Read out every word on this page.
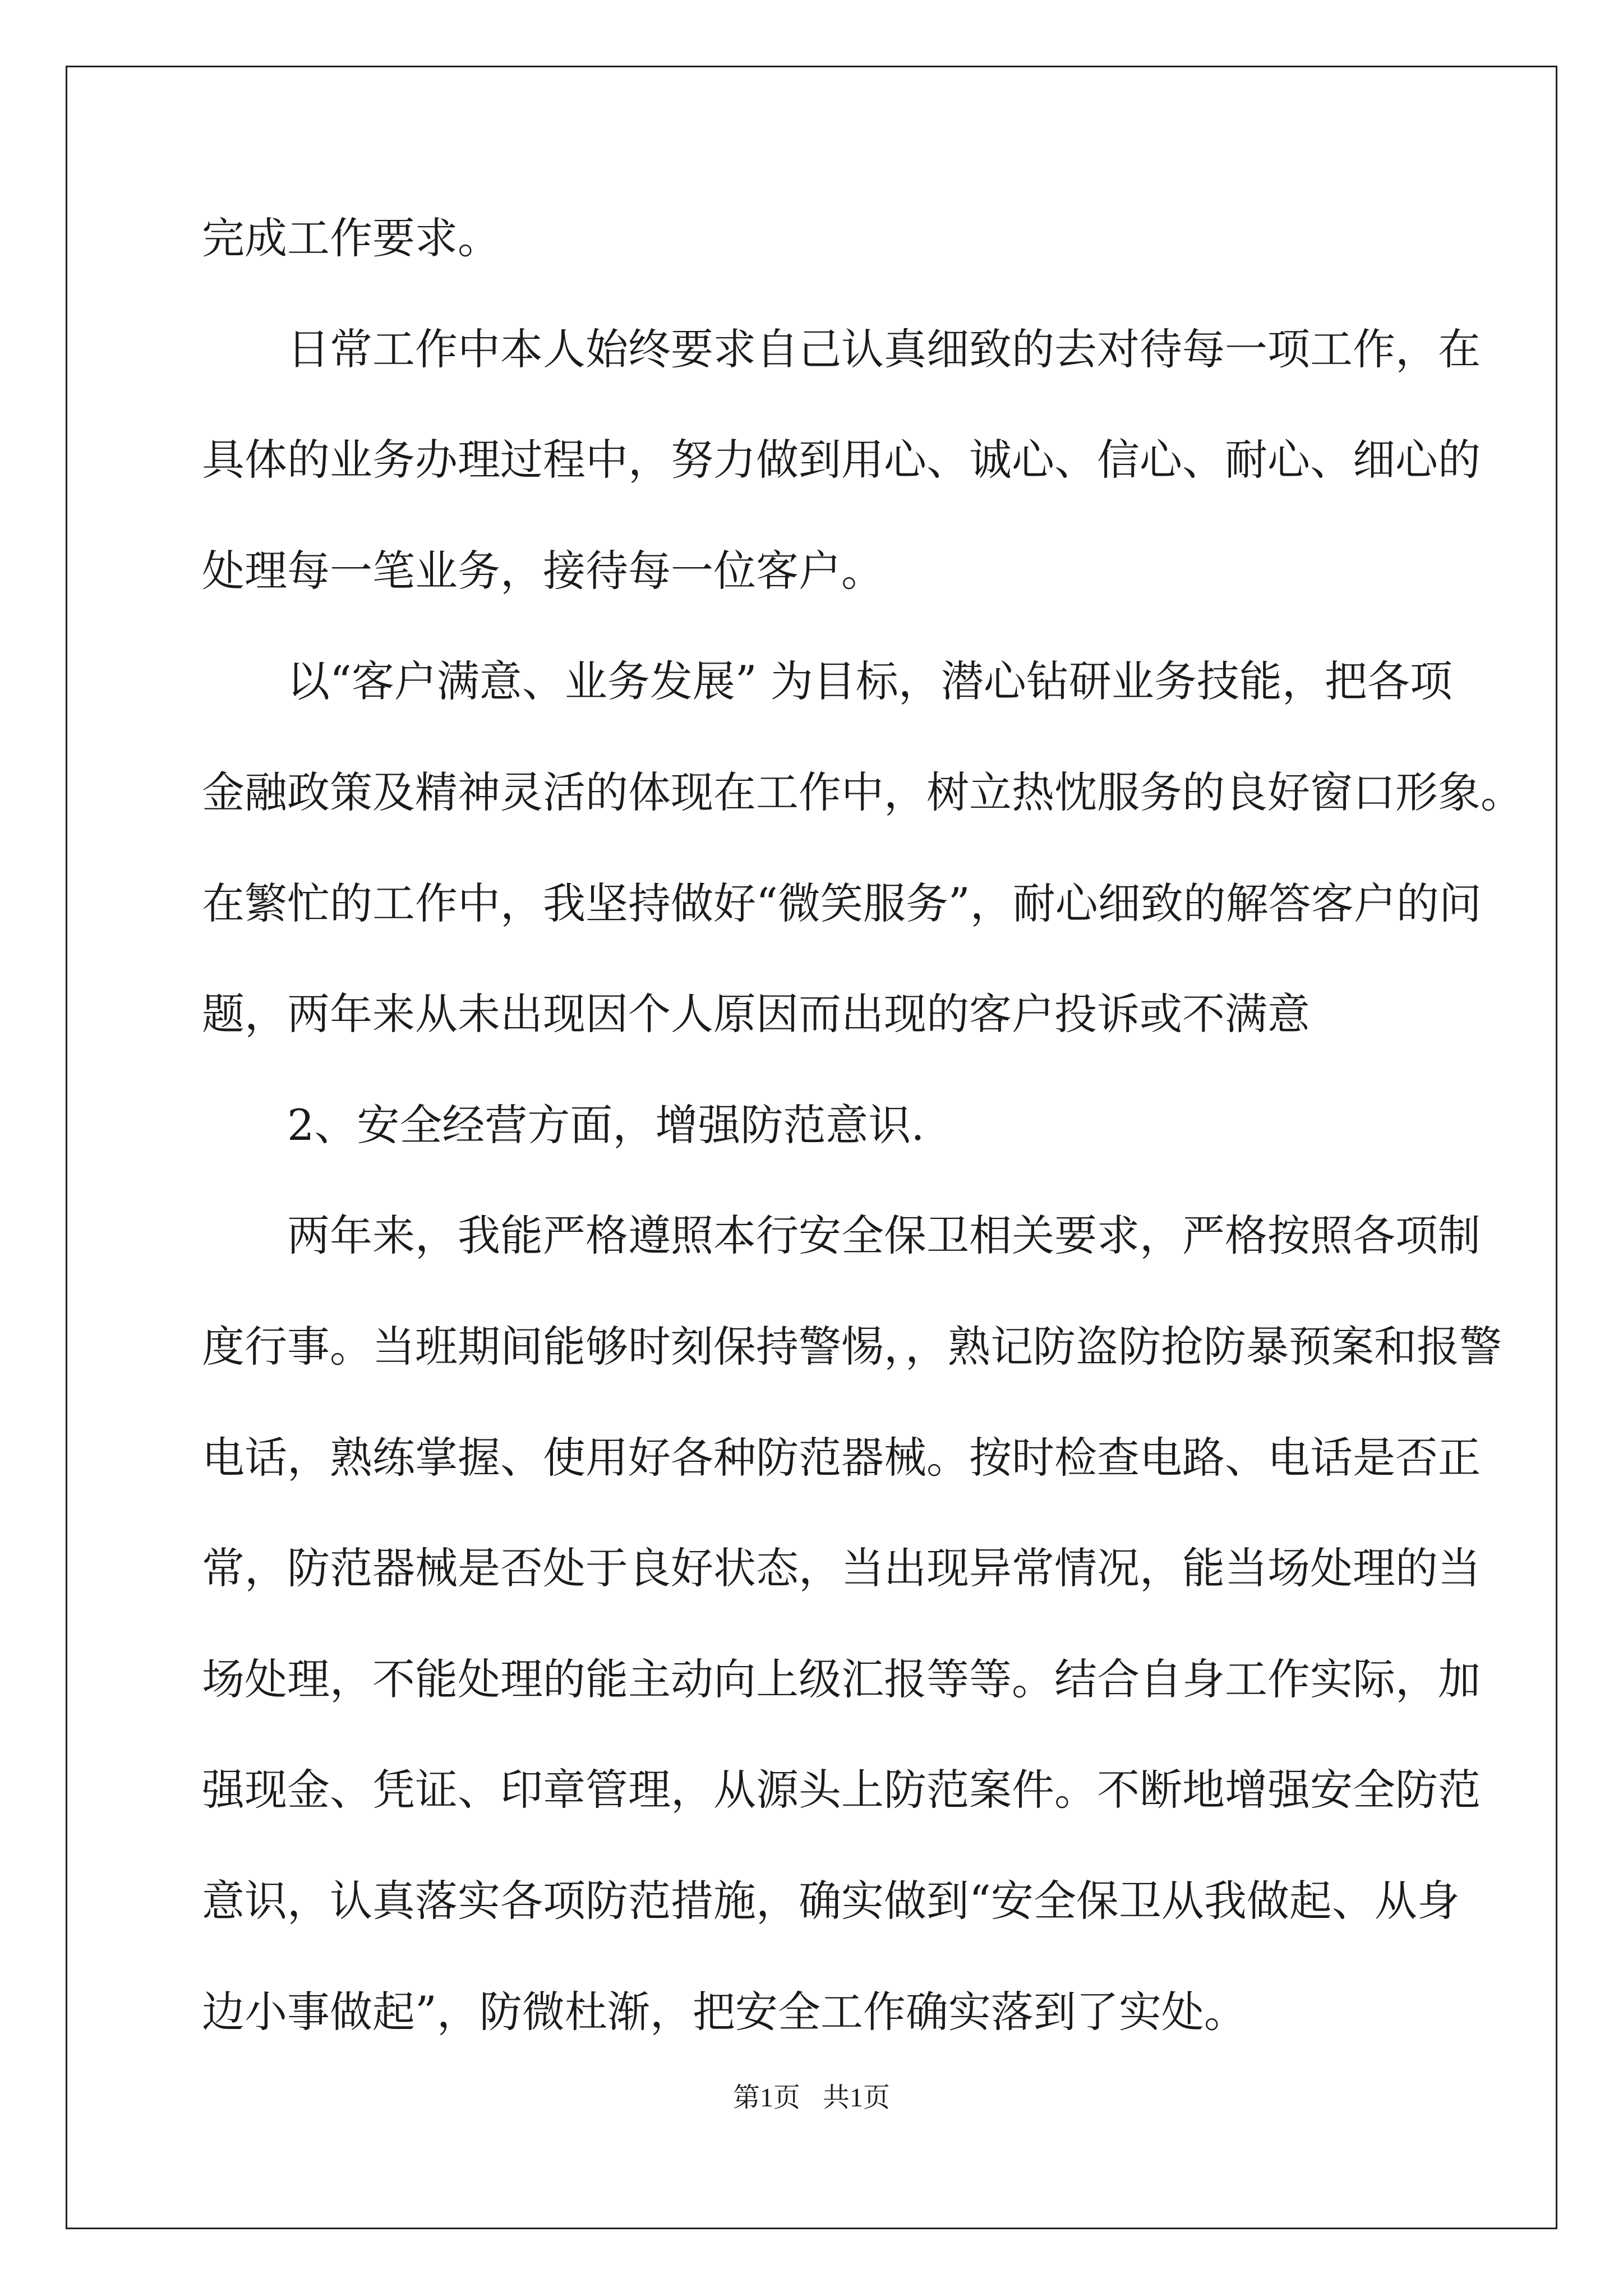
完成工作要求。
日常工作中本人始终要求自己认真细致的去对待每一项工作，在
具体的业务办理过程中，努力做到用心、诚心、信心、耐心、细心的
处理每一笔业务，接待每一位客户。
以“客户满意、业务发展” 为目标，潜心钻研业务技能，把各项
金融政策及精神灵活的体现在工作中，树立热忱服务的良好窗口形象。
在繁忙的工作中，我坚持做好“微笑服务”，耐心细致的解答客户的问
题，两年来从未出现因个人原因而出现的客户投诉或不满意
2、安全经营方面，增强防范意识.
两年来，我能严格遵照本行安全保卫相关要求，严格按照各项制
度行事。当班期间能够时刻保持警惕，，熟记防盗防抢防暴预案和报警
电话，熟练掌握、使用好各种防范器械。按时检查电路、电话是否正
常，防范器械是否处于良好状态，当出现异常情况，能当场处理的当
场处理，不能处理的能主动向上级汇报等等。结合自身工作实际，加
强现金、凭证、印章管理，从源头上防范案件。不断地增强安全防范
意识，认真落实各项防范措施，确实做到“安全保卫从我做起、从身
边小事做起”，防微杜渐，把安全工作确实落到了实处。
第1页 共1页
